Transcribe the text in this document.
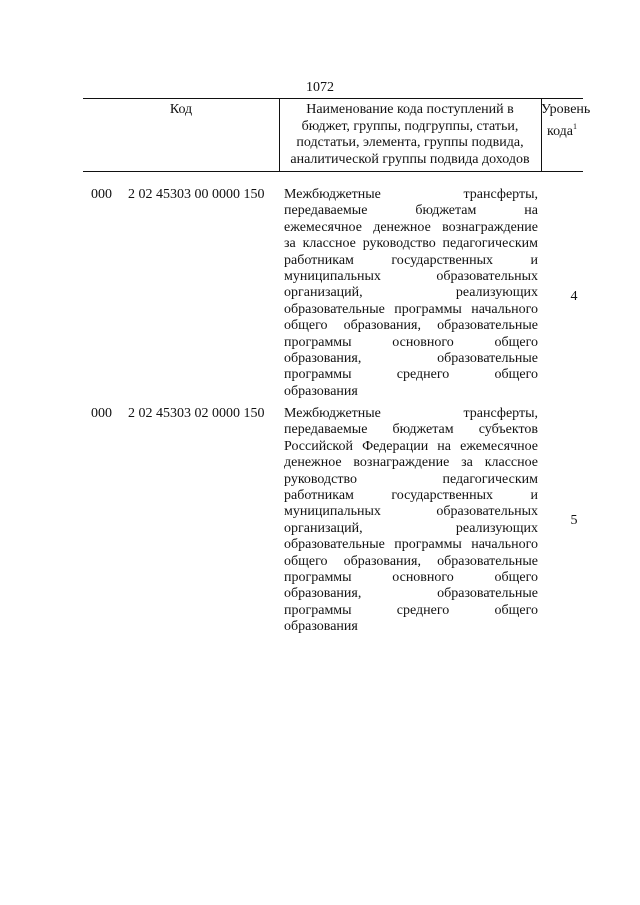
1072
Код	Наименование кода поступлений в
бюджет, группы, подгруппы, статьи,
подстатьи, элемента, группы подвида,
аналитической группы подвида доходов
Уровень
кода$^1$
000 2 02 45303 00 0000 150 Межбюджетные трансферты,
передаваемые бюджетам на
ежемесячное денежное вознаграждение
за классное руководство педагогическим
работникам государственных и
муниципальных образовательных
организаций, реализующих
образовательные программы начального
общего образования, образовательные
программы основного общего
образования, образовательные
программы среднего общего
образования
4
000 2 02 45303 02 0000 150 Межбюджетные трансферты,
передаваемые бюджетам субъектов
Российской Федерации на ежемесячное
денежное вознаграждение за классное
руководство педагогическим
работникам государственных и
муниципальных образовательных
организаций, реализующих
образовательные программы начального
общего образования, образовательные
программы основного общего
образования, образовательные
программы среднего общего
образования
5
